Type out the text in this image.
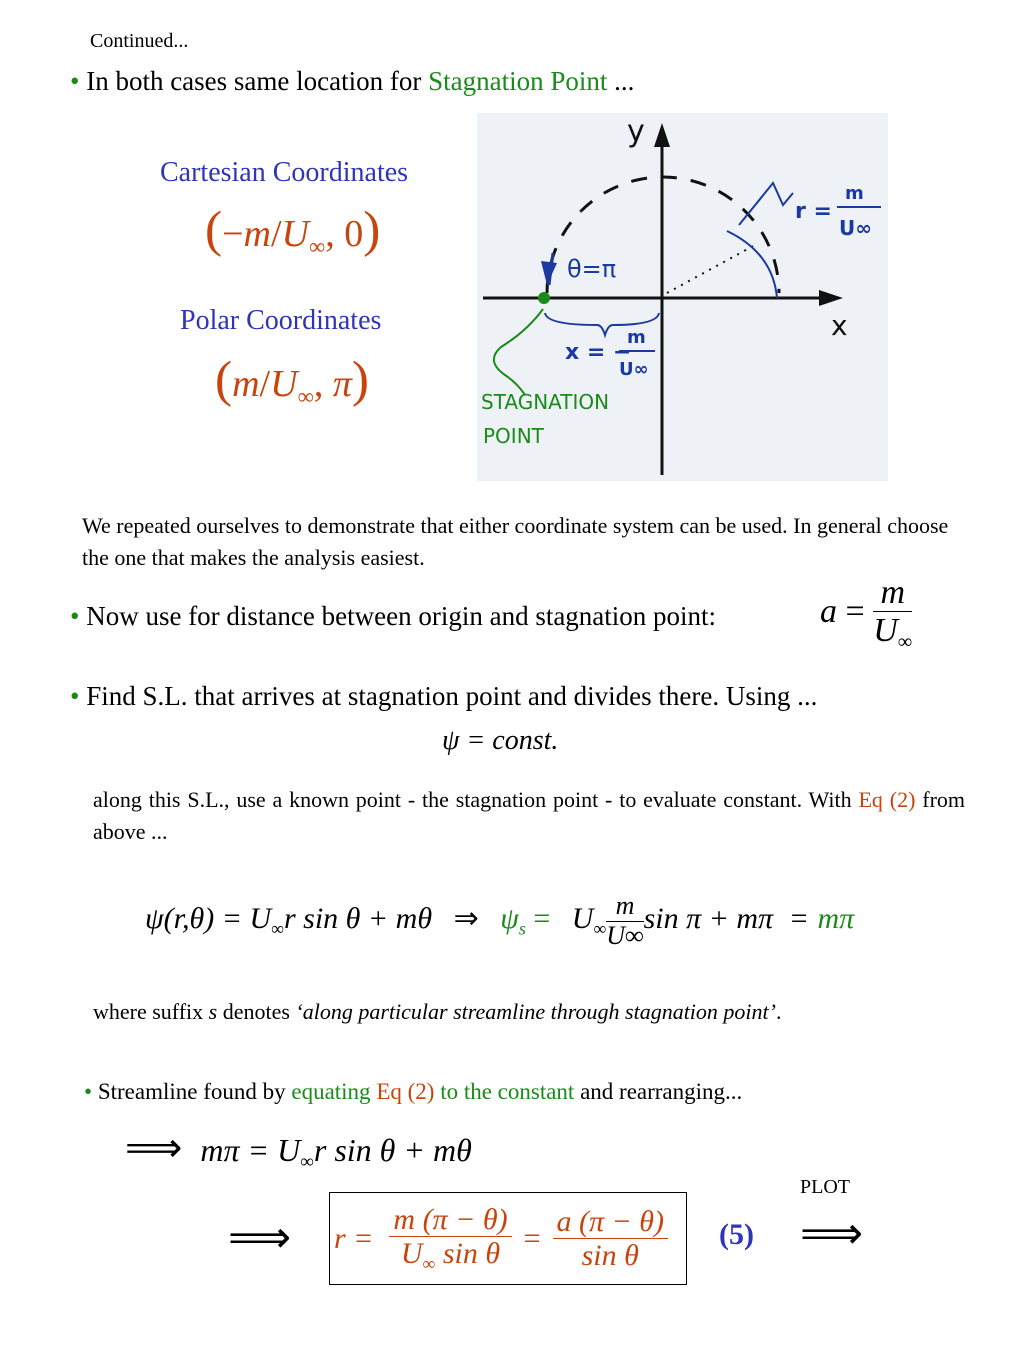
Continued...
• In both cases same location for Stagnation Point ...
Cartesian Coordinates
($-m/U_\infty$, 0)
Polar Coordinates
($m/U_\infty$, π)
y
x
θ=π
r =
m
U∞
x = −
m
U∞
STAGNATION
POINT
We repeated ourselves to demonstrate that either coordinate system can be used. In general choose the one that makes the analysis easiest.
• Now use for distance between origin and stagnation point:	$a = \frac{m}{U_\infty}$
• Find S.L. that arrives at stagnation point and divides there. Using ...
ψ = const.
along this S.L., use a known point - the stagnation point - to evaluate constant. With Eq (2) from above ...
$\psi(r,\theta) = U_\infty r$ sin θ + mθ ⇒ $\psi_s = U_\infty \frac{m}{U\infty}$ sin π + mπ = mπ
where suffix s denotes ‘along particular streamline through stagnation point’.
• Streamline found by equating Eq (2) to the constant and rearranging...
⟹ $m\pi = U_\infty r$ sin θ + mθ
PLOT
⟹ $r = \frac{m (\pi - \theta)}{U_\infty \sin \theta} = \frac{a (\pi - \theta)}{\text{sin θ}} (5)$ ⟹
